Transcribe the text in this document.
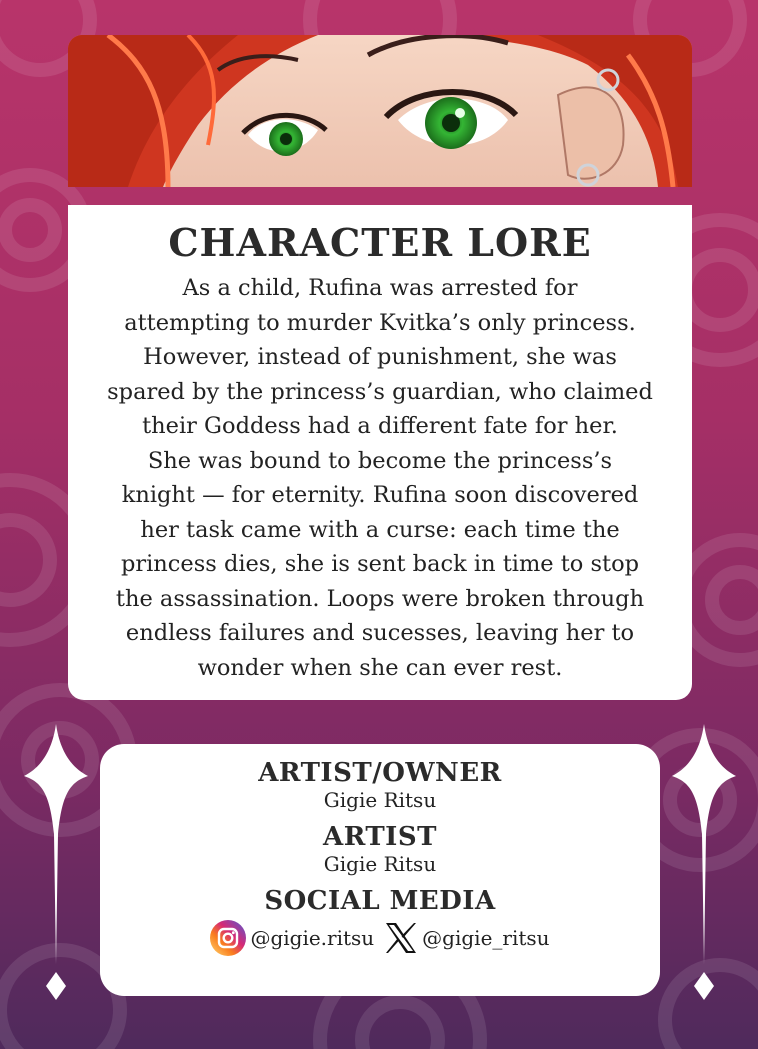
CHARACTER LORE

As a child, Rufina was arrested for
attempting to murder Kvitka’s only princess.
However, instead of punishment, she was
spared by the princess’s guardian, who claimed
their Goddess had a different fate for her.
She was bound to become the princess’s
knight — for eternity. Rufina soon discovered
her task came with a curse: each time the
princess dies, she is sent back in time to stop
the assassination. Loops were broken through
endless failures and sucesses, leaving her to
wonder when she can ever rest.

ARTIST/OWNER
Gigie Ritsu
ARTIST
Gigie Ritsu
SOCIAL MEDIA
@gigie.ritsu @gigie_ritsu
